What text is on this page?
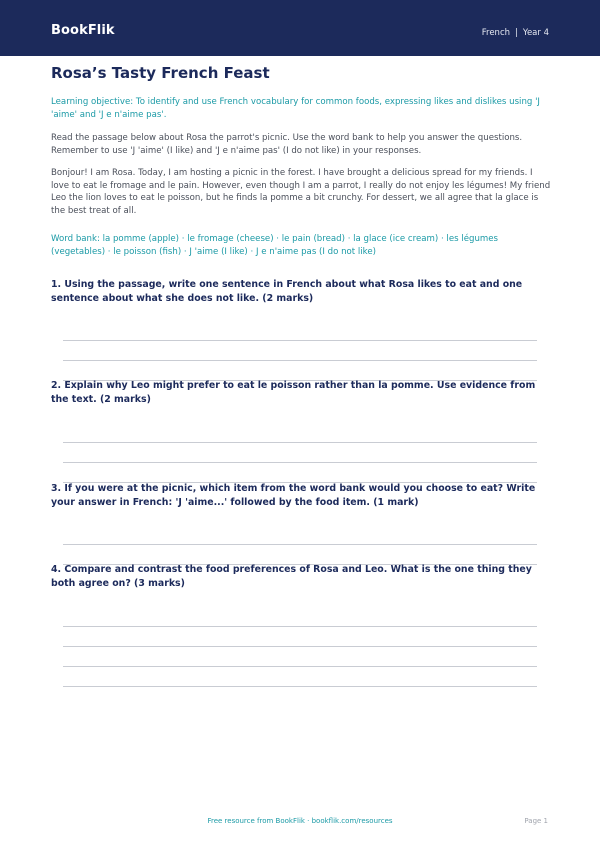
BookFlik	French | Year 4
Rosa’s Tasty French Feast

Learning objective: To identify and use French vocabulary for common foods, expressing likes and dislikes using 'J 'aime' and 'J e n'aime pas'.

Read the passage below about Rosa the parrot's picnic. Use the word bank to help you answer the questions. Remember to use 'J 'aime' (I like) and 'J e n'aime pas' (I do not like) in your responses.

Bonjour! I am Rosa. Today, I am hosting a picnic in the forest. I have brought a delicious spread for my friends. I love to eat le fromage and le pain. However, even though I am a parrot, I really do not enjoy les légumes! My friend Leo the lion loves to eat le poisson, but he finds la pomme a bit crunchy. For dessert, we all agree that la glace is the best treat of all.

Word bank: la pomme (apple) · le fromage (cheese) · le pain (bread) · la glace (ice cream) · les légumes (vegetables) · le poisson (fish) · J 'aime (I like) · J e n'aime pas (I do not like)

1. Using the passage, write one sentence in French about what Rosa likes to eat and one sentence about what she does not like. (2 marks)

2. Explain why Leo might prefer to eat le poisson rather than la pomme. Use evidence from the text. (2 marks)

3. If you were at the picnic, which item from the word bank would you choose to eat? Write your answer in French: 'J 'aime...' followed by the food item. (1 mark)

4. Compare and contrast the food preferences of Rosa and Leo. What is the one thing they both agree on? (3 marks)

Free resource from BookFlik · bookflik.com/resources	Page 1
